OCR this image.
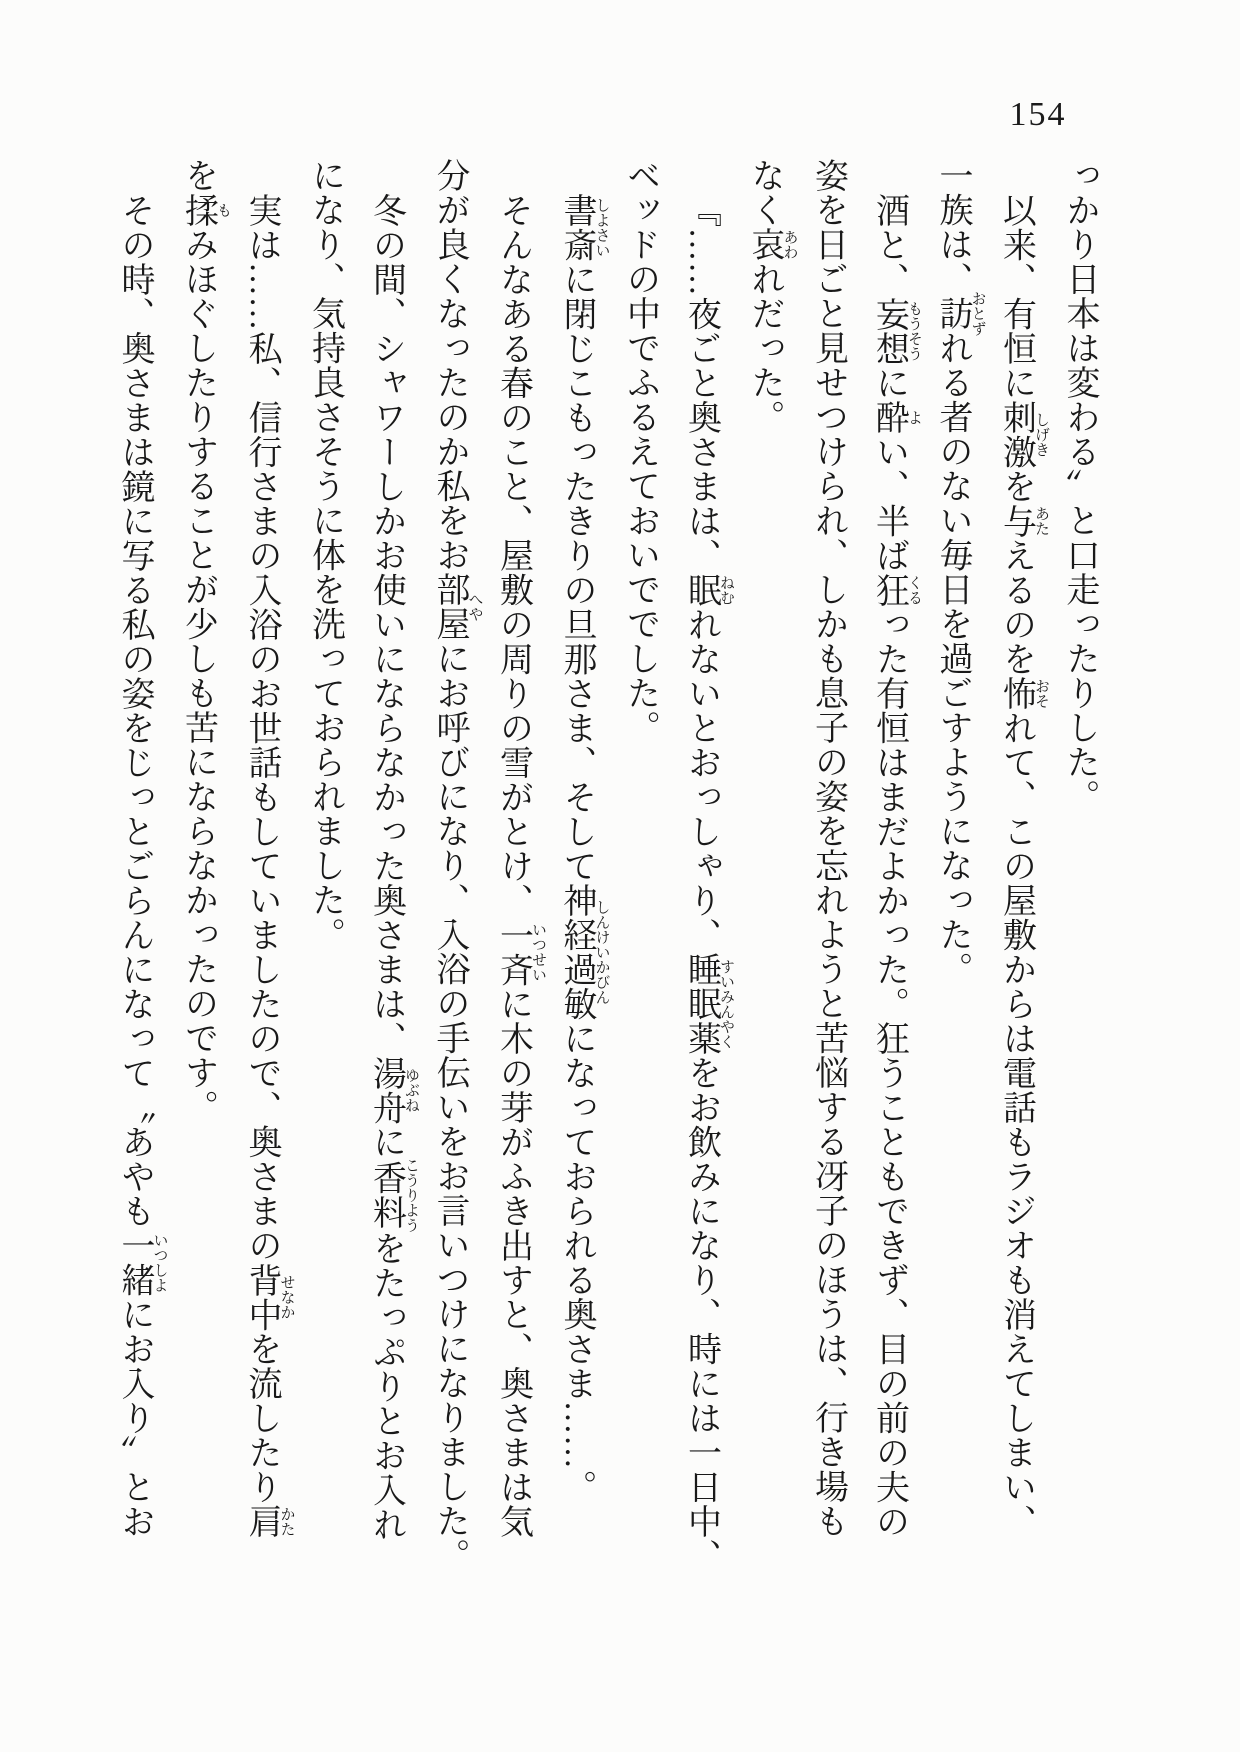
154
っかり日本は変わる〟と口走ったりした。
以来、有恒に刺激しげきを与あたえるのを怖おそれて、この屋敷からは電話もラジオも消えてしまい、
一族は、訪おとずれる者のない毎日を過ごすようになった。
酒と、妄想もうそうに酔よい、半ば狂くるった有恒はまだよかった。狂うこともできず、目の前の夫の
姿を日ごと見せつけられ、しかも息子の姿を忘れようと苦悩する冴子のほうは、行き場も
なく哀あわれだった。
『……夜ごと奥さまは、眠ねむれないとおっしゃり、睡眠薬すいみんやくをお飲みになり、時には一日中、
ベッドの中でふるえておいででした。
書斎しよさいに閉じこもったきりの旦那さま、そして神経過敏しんけいかびんになっておられる奥さま……。
そんなある春のこと、屋敷の周りの雪がとけ、一斉いつせいに木の芽がふき出すと、奥さまは気
分が良くなったのか私をお部屋へやにお呼びになり、入浴の手伝いをお言いつけになりました。
冬の間、シャワーしかお使いにならなかった奥さまは、湯舟ゆぶねに香料こうりようをたっぷりとお入れ
になり、気持良さそうに体を洗っておられました。
実は……私、信行さまの入浴のお世話もしていましたので、奥さまの背中せなかを流したり肩かた
を揉もみほぐしたりすることが少しも苦にならなかったのです。
その時、奥さまは鏡に写る私の姿をじっとごらんになって〝あやも一緒いつしよにお入り〟とお
